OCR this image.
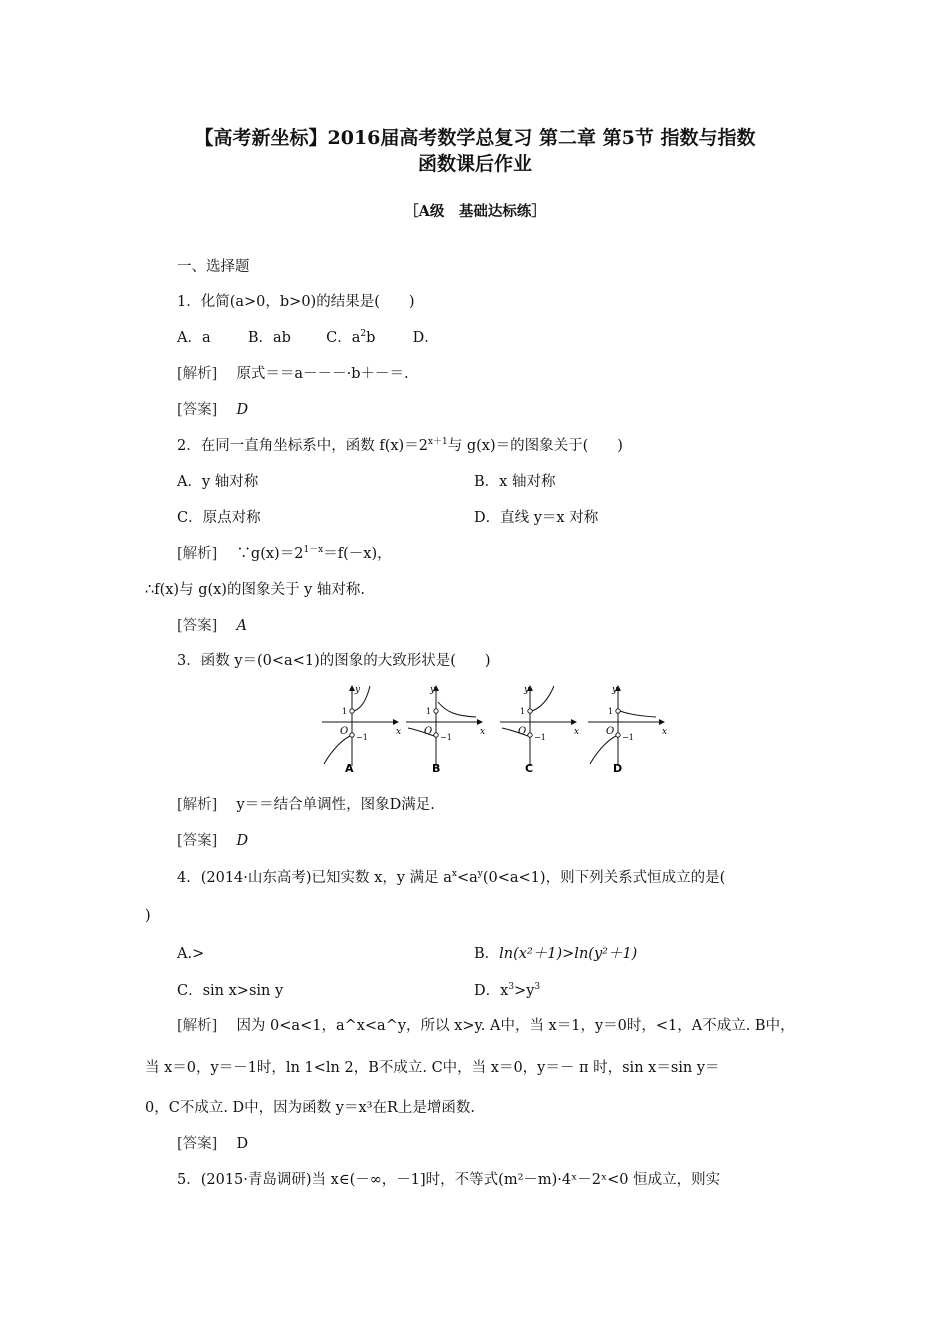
【高考新坐标】2016届高考数学总复习 第二章 第5节 指数与指数
函数课后作业
［A级　基础达标练］
一、选择题
1．化简(a>0，b>0)的结果是(　　)
A．a	B．ab C．$a^2b$	D．
[解析]　 原式＝＝a－－－·b＋－＝.
[答案]　 D
2．在同一直角坐标系中，函数 $f(x)=2^{x+1}$与 g(x)＝的图象关于(　　)
A．y 轴对称	B．x 轴对称
C．原点对称	D．直线 y＝x 对称
[解析]　 $\because g(x)=2^{1-x}=f(-x)$，
∴f(x)与 g(x)的图象关于 y 轴对称.
[答案]　 A
3．函数 y＝(0<a<1)的图象的大致形状是(　　)
y
x
O
1
−1
A
y
x
O
1
−1
B
y
x
O
1
−1
C
y
x
O
1
−1
D
[解析]　 y＝＝结合单调性，图象D满足.
[答案]　 D
4．(2014·山东高考)已知实数 x，y 满足 $a^x<a^y(0<a<1)$，则下列关系式恒成立的是(
)
A.>	B．ln(x²＋1)>ln(y²＋1)
C．sin x>sin y	D．$x^3>y^3$
[解析]　 因为 0<a<1，a^x<a^y，所以 x>y. A中，当 x＝1，y＝0时，<1，A不成立. B中，
当 x＝0，y＝－1时，ln 1<ln 2，B不成立. C中，当 x＝0，y＝－ π 时，sin x＝sin y＝
0，C不成立. D中，因为函数 y＝x³在R上是增函数.
[答案]　 D
5．(2015·青岛调研)当 x∈(－∞，－1]时，不等式(m²－m)·4ˣ－2ˣ<0 恒成立，则实
